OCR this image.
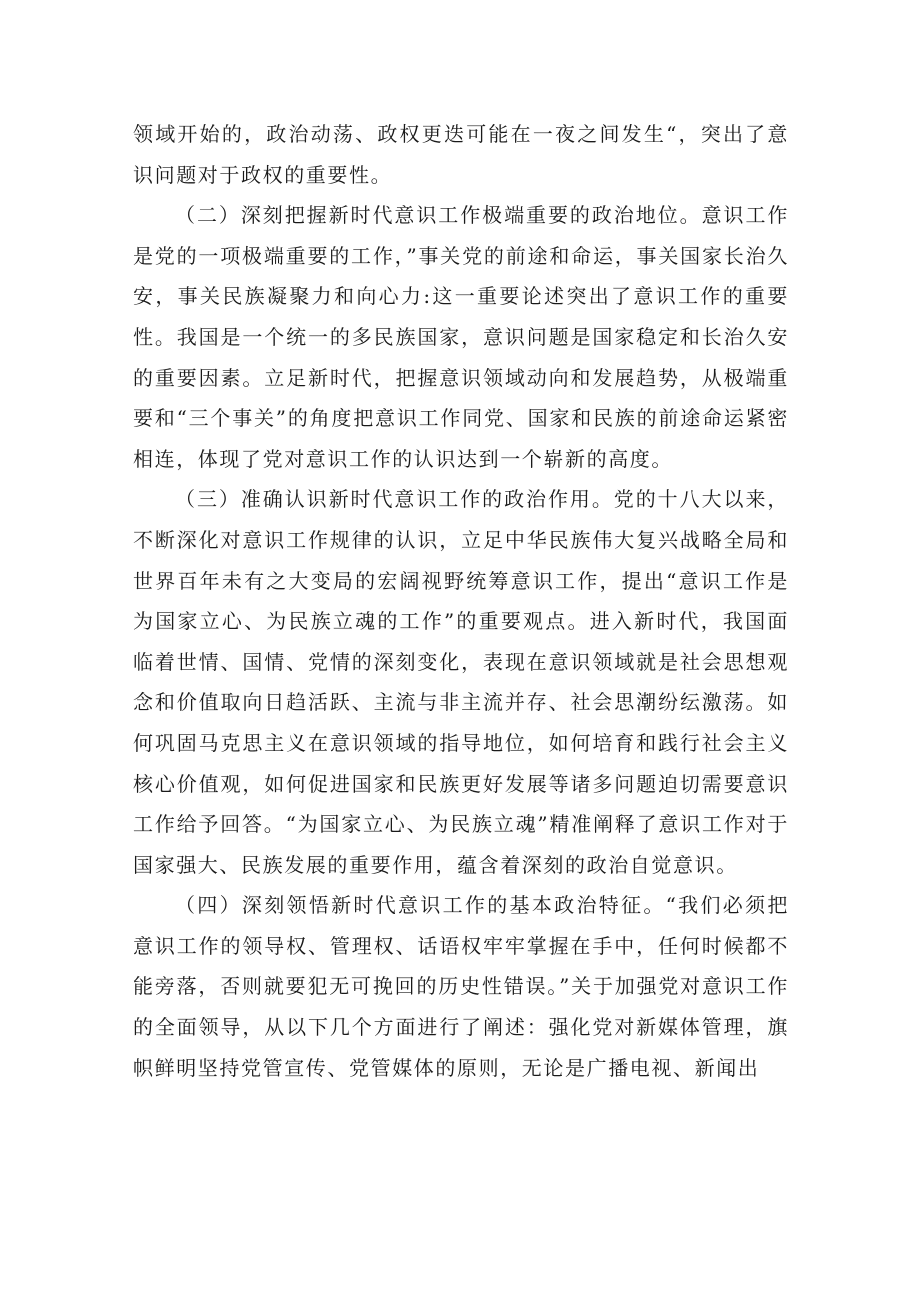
领域开始的，政治动荡、政权更迭可能在一夜之间发生“，突出了意识问题对于政权的重要性。

（二）深刻把握新时代意识工作极端重要的政治地位。意识工作是党的一项极端重要的工作，”事关党的前途和命运，事关国家长治久安，事关民族凝聚力和向心力:这一重要论述突出了意识工作的重要性。我国是一个统一的多民族国家，意识问题是国家稳定和长治久安的重要因素。立足新时代，把握意识领域动向和发展趋势，从极端重要和“三个事关”的角度把意识工作同党、国家和民族的前途命运紧密相连，体现了党对意识工作的认识达到一个崭新的高度。

（三）准确认识新时代意识工作的政治作用。党的十八大以来，不断深化对意识工作规律的认识，立足中华民族伟大复兴战略全局和世界百年未有之大变局的宏阔视野统筹意识工作，提出“意识工作是为国家立心、为民族立魂的工作”的重要观点。进入新时代，我国面临着世情、国情、党情的深刻变化，表现在意识领域就是社会思想观念和价值取向日趋活跃、主流与非主流并存、社会思潮纷纭激荡。如何巩固马克思主义在意识领域的指导地位，如何培育和践行社会主义核心价值观，如何促进国家和民族更好发展等诸多问题迫切需要意识工作给予回答。“为国家立心、为民族立魂”精准阐释了意识工作对于国家强大、民族发展的重要作用，蕴含着深刻的政治自觉意识。

（四）深刻领悟新时代意识工作的基本政治特征。“我们必须把意识工作的领导权、管理权、话语权牢牢掌握在手中，任何时候都不能旁落，否则就要犯无可挽回的历史性错误。”关于加强党对意识工作的全面领导，从以下几个方面进行了阐述：强化党对新媒体管理，旗帜鲜明坚持党管宣传、党管媒体的原则，无论是广播电视、新闻出
